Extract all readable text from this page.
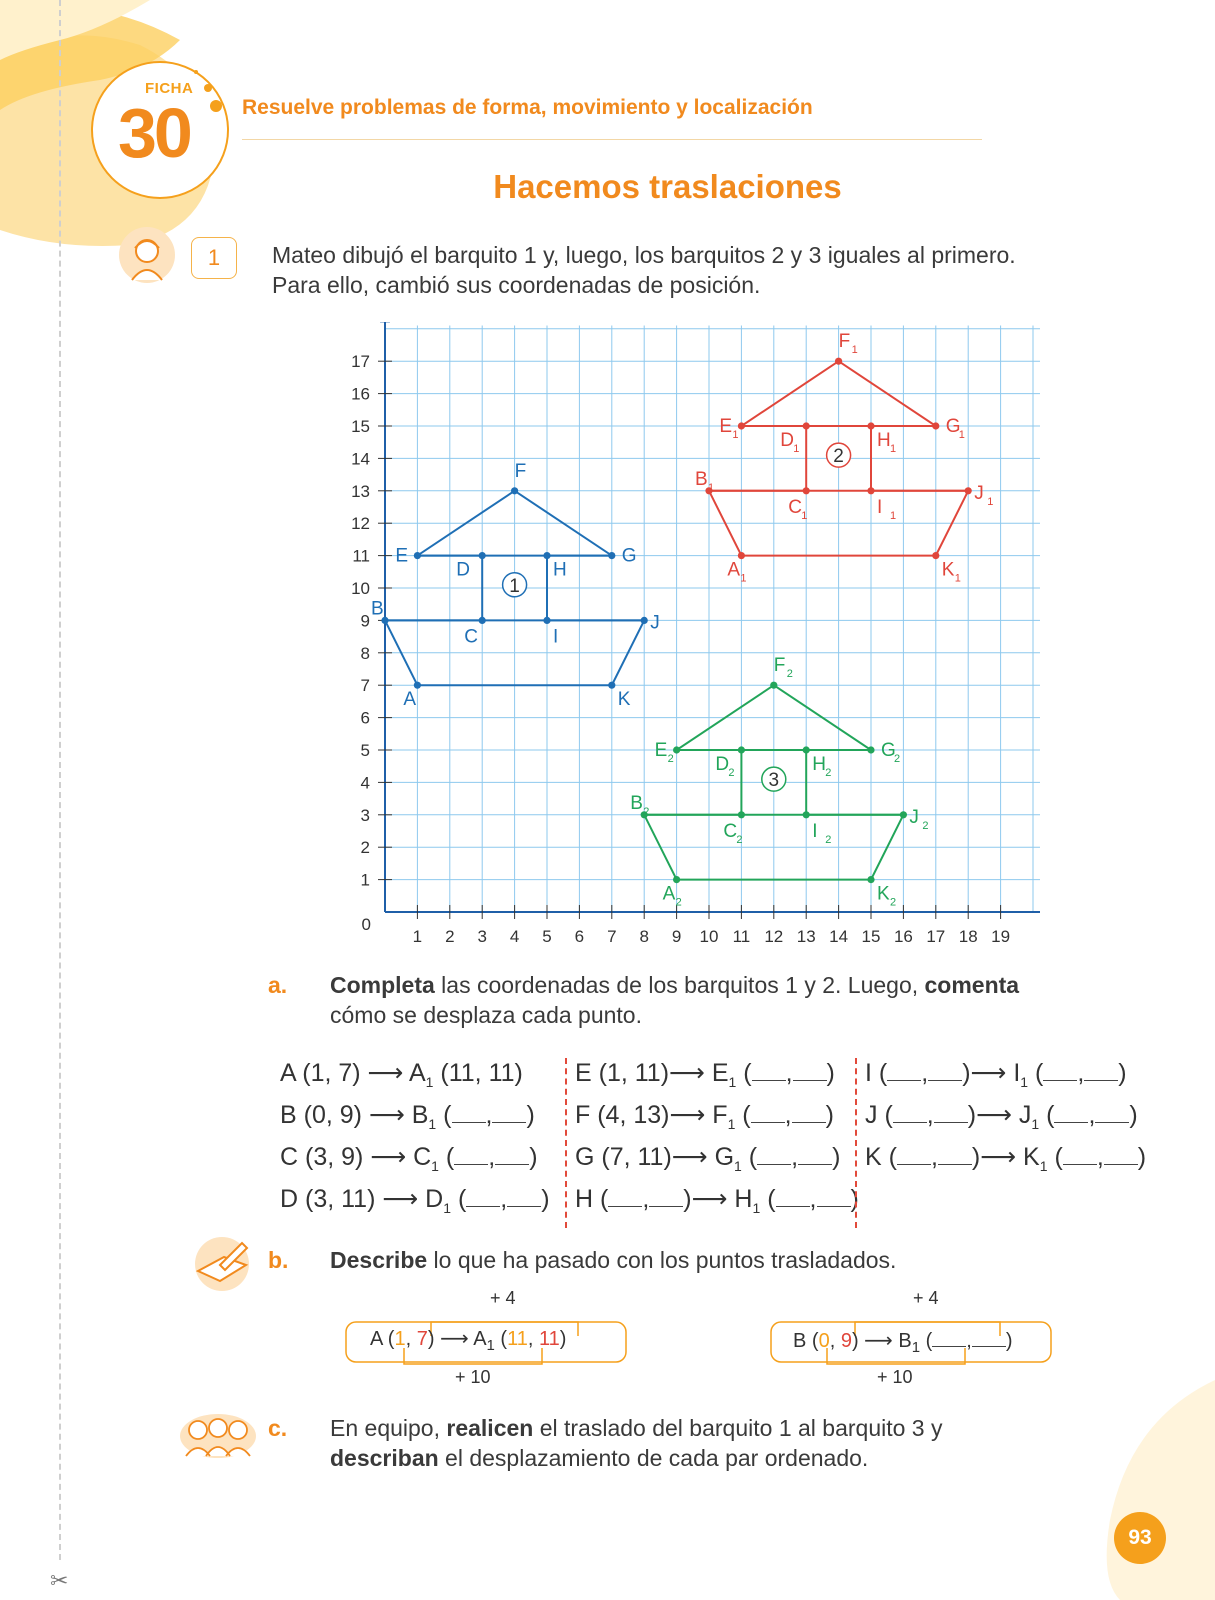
✂
FICHA
30 Resuelve problemas de forma, movimiento y localización
Hacemos traslaciones
1	Mateo dibujó el barquito 1 y, luego, los barquitos 2 y 3 iguales al primero.
Para ello, cambió sus coordenadas de posición.
1 2 3 4 5 6 7 8 9 10 11 12 13 14 15 16 17 18 19
1
2
3
4
5
6
7
8
9
10
11
12
13
14
15
16
17
0
A
B
C
D
E
F
G
H
I
J
K
1
A 1
B 1
C 1
D 1
E 1
F 1
G
1
H 1
I 1
J 1
K 1
2
A 2
B 2
C 2
D 2
E 2
F 2
G
2
H 2
I 2
J 2
K 2
3
a. Completa las coordenadas de los barquitos 1 y 2. Luego, comenta
cómo se desplaza cada punto.
A (1, 7) ⟶ $A_1$ (11, 11)
B (0, 9) ⟶ $B_1$ ( , )
C (3, 9) ⟶ $C_1$ ( , )
D (3, 11) ⟶ $D_1$ ( , )
E (1, 11)⟶ $E_1$ ( , )
F (4, 13)⟶ $F_1$ ( , )
G (7, 11)⟶ $G_1$ ( , )
H ( , )⟶ $H_1$ ( , )
I ( , )⟶ $I_1$ ( , )
J ( , )⟶ $J_1$ ( , )
K ( , )⟶ $K_1$ ( , )
b. Describe lo que ha pasado con los puntos trasladados.
+ 4
+ 10
A (1, 7) ⟶ $A_1$ (11, 11)
+ 4
+ 10
B (0, 9) ⟶ $B_1$ ( , )
c. En equipo, realicen el traslado del barquito 1 al barquito 3 y
describan el desplazamiento de cada par ordenado.
93
